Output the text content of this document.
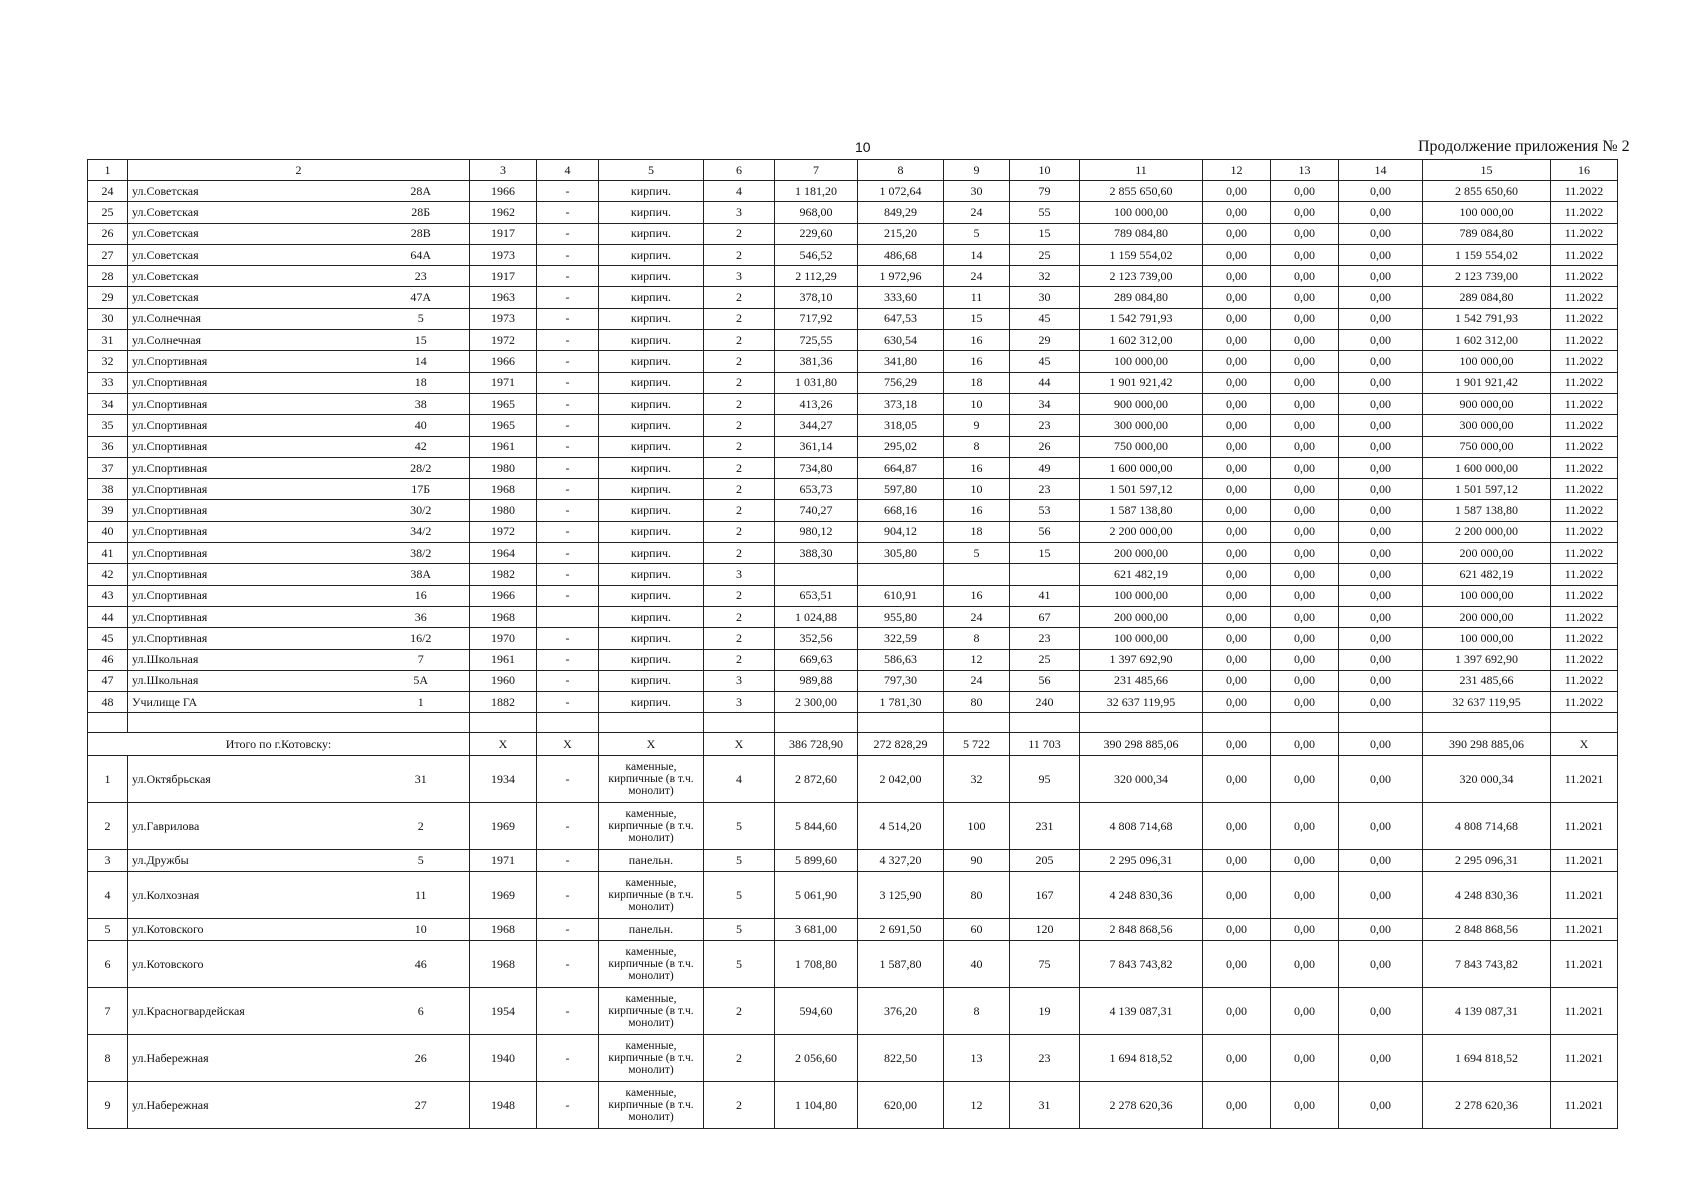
10	Продолжение приложения № 2
1	2		3	4	5	6	7	8	9	10	11	12	13	14	15	16
24	ул.Советская	28А	1966	-	кирпич.	4	1 181,20	1 072,64	30	79	2 855 650,60	0,00	0,00	0,00	2 855 650,60	11.2022
25	ул.Советская	28Б	1962	-	кирпич.	3	968,00	849,29	24	55	100 000,00	0,00	0,00	0,00	100 000,00	11.2022
26	ул.Советская	28В	1917	-	кирпич.	2	229,60	215,20	5	15	789 084,80	0,00	0,00	0,00	789 084,80	11.2022
27	ул.Советская	64А	1973	-	кирпич.	2	546,52	486,68	14	25	1 159 554,02	0,00	0,00	0,00	1 159 554,02	11.2022
28	ул.Советская	23	1917	-	кирпич.	3	2 112,29	1 972,96	24	32	2 123 739,00	0,00	0,00	0,00	2 123 739,00	11.2022
29	ул.Советская	47А	1963	-	кирпич.	2	378,10	333,60	11	30	289 084,80	0,00	0,00	0,00	289 084,80	11.2022
30	ул.Солнечная	5	1973	-	кирпич.	2	717,92	647,53	15	45	1 542 791,93	0,00	0,00	0,00	1 542 791,93	11.2022
31	ул.Солнечная	15	1972	-	кирпич.	2	725,55	630,54	16	29	1 602 312,00	0,00	0,00	0,00	1 602 312,00	11.2022
32	ул.Спортивная	14	1966	-	кирпич.	2	381,36	341,80	16	45	100 000,00	0,00	0,00	0,00	100 000,00	11.2022
33	ул.Спортивная	18	1971	-	кирпич.	2	1 031,80	756,29	18	44	1 901 921,42	0,00	0,00	0,00	1 901 921,42	11.2022
34	ул.Спортивная	38	1965	-	кирпич.	2	413,26	373,18	10	34	900 000,00	0,00	0,00	0,00	900 000,00	11.2022
35	ул.Спортивная	40	1965	-	кирпич.	2	344,27	318,05	9	23	300 000,00	0,00	0,00	0,00	300 000,00	11.2022
36	ул.Спортивная	42	1961	-	кирпич.	2	361,14	295,02	8	26	750 000,00	0,00	0,00	0,00	750 000,00	11.2022
37	ул.Спортивная	28/2	1980	-	кирпич.	2	734,80	664,87	16	49	1 600 000,00	0,00	0,00	0,00	1 600 000,00	11.2022
38	ул.Спортивная	17Б	1968	-	кирпич.	2	653,73	597,80	10	23	1 501 597,12	0,00	0,00	0,00	1 501 597,12	11.2022
39	ул.Спортивная	30/2	1980	-	кирпич.	2	740,27	668,16	16	53	1 587 138,80	0,00	0,00	0,00	1 587 138,80	11.2022
40	ул.Спортивная	34/2	1972	-	кирпич.	2	980,12	904,12	18	56	2 200 000,00	0,00	0,00	0,00	2 200 000,00	11.2022
41	ул.Спортивная	38/2	1964	-	кирпич.	2	388,30	305,80	5	15	200 000,00	0,00	0,00	0,00	200 000,00	11.2022
42	ул.Спортивная	38А	1982	-	кирпич.	3					621 482,19	0,00	0,00	0,00	621 482,19	11.2022
43	ул.Спортивная	16	1966	-	кирпич.	2	653,51	610,91	16	41	100 000,00	0,00	0,00	0,00	100 000,00	11.2022
44	ул.Спортивная	36	1968		кирпич.	2	1 024,88	955,80	24	67	200 000,00	0,00	0,00	0,00	200 000,00	11.2022
45	ул.Спортивная	16/2	1970	-	кирпич.	2	352,56	322,59	8	23	100 000,00	0,00	0,00	0,00	100 000,00	11.2022
46	ул.Школьная	7	1961	-	кирпич.	2	669,63	586,63	12	25	1 397 692,90	0,00	0,00	0,00	1 397 692,90	11.2022
47	ул.Школьная	5А	1960	-	кирпич.	3	989,88	797,30	24	56	231 485,66	0,00	0,00	0,00	231 485,66	11.2022
48	Училище ГА	1	1882	-	кирпич.	3	2 300,00	1 781,30	80	240	32 637 119,95	0,00	0,00	0,00	32 637 119,95	11.2022

Итого по г.Котовску:			Х	Х	Х	Х	386 728,90	272 828,29	5 722	11 703	390 298 885,06	0,00	0,00	0,00	390 298 885,06	Х
1	ул.Октябрьская	31	1934	-	каменные, кирпичные (в т.ч. монолит)	4	2 872,60	2 042,00	32	95	320 000,34	0,00	0,00	0,00	320 000,34	11.2021
2	ул.Гаврилова	2	1969	-	каменные, кирпичные (в т.ч. монолит)	5	5 844,60	4 514,20	100	231	4 808 714,68	0,00	0,00	0,00	4 808 714,68	11.2021
3	ул.Дружбы	5	1971	-	панельн.	5	5 899,60	4 327,20	90	205	2 295 096,31	0,00	0,00	0,00	2 295 096,31	11.2021
4	ул.Колхозная	11	1969	-	каменные, кирпичные (в т.ч. монолит)	5	5 061,90	3 125,90	80	167	4 248 830,36	0,00	0,00	0,00	4 248 830,36	11.2021
5	ул.Котовского	10	1968	-	панельн.	5	3 681,00	2 691,50	60	120	2 848 868,56	0,00	0,00	0,00	2 848 868,56	11.2021
6	ул.Котовского	46	1968	-	каменные, кирпичные (в т.ч. монолит)	5	1 708,80	1 587,80	40	75	7 843 743,82	0,00	0,00	0,00	7 843 743,82	11.2021
7	ул.Красногвардейская	6	1954	-	каменные, кирпичные (в т.ч. монолит)	2	594,60	376,20	8	19	4 139 087,31	0,00	0,00	0,00	4 139 087,31	11.2021
8	ул.Набережная	26	1940	-	каменные, кирпичные (в т.ч. монолит)	2	2 056,60	822,50	13	23	1 694 818,52	0,00	0,00	0,00	1 694 818,52	11.2021
9	ул.Набережная	27	1948	-	каменные, кирпичные (в т.ч. монолит)	2	1 104,80	620,00	12	31	2 278 620,36	0,00	0,00	0,00	2 278 620,36	11.2021
